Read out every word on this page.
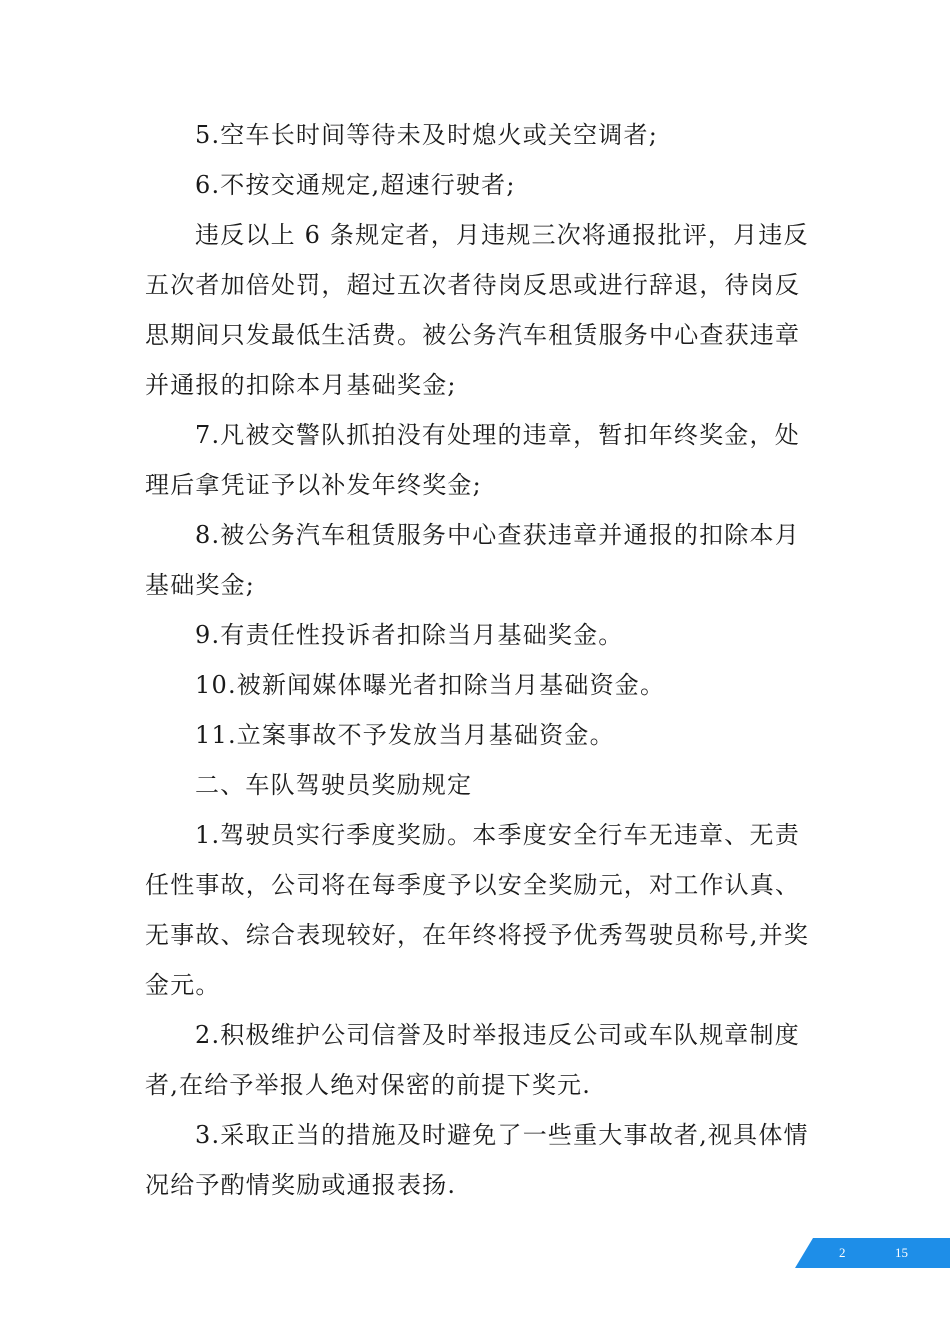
5.空车长时间等待未及时熄火或关空调者;

6.不按交通规定,超速行驶者;

违反以上 6 条规定者，月违规三次将通报批评，月违反五次者加倍处罚，超过五次者待岗反思或进行辞退，待岗反思期间只发最低生活费。被公务汽车租赁服务中心查获违章并通报的扣除本月基础奖金;

7.凡被交警队抓拍没有处理的违章，暂扣年终奖金，处理后拿凭证予以补发年终奖金;

8.被公务汽车租赁服务中心查获违章并通报的扣除本月基础奖金;

9.有责任性投诉者扣除当月基础奖金。

10.被新闻媒体曝光者扣除当月基础资金。

11.立案事故不予发放当月基础资金。

二、车队驾驶员奖励规定

1.驾驶员实行季度奖励。本季度安全行车无违章、无责任性事故，公司将在每季度予以安全奖励元，对工作认真、无事故、综合表现较好，在年终将授予优秀驾驶员称号,并奖金元。

2.积极维护公司信誉及时举报违反公司或车队规章制度者,在给予举报人绝对保密的前提下奖元.

3.采取正当的措施及时避免了一些重大事故者,视具体情况给予酌情奖励或通报表扬.

2	15
